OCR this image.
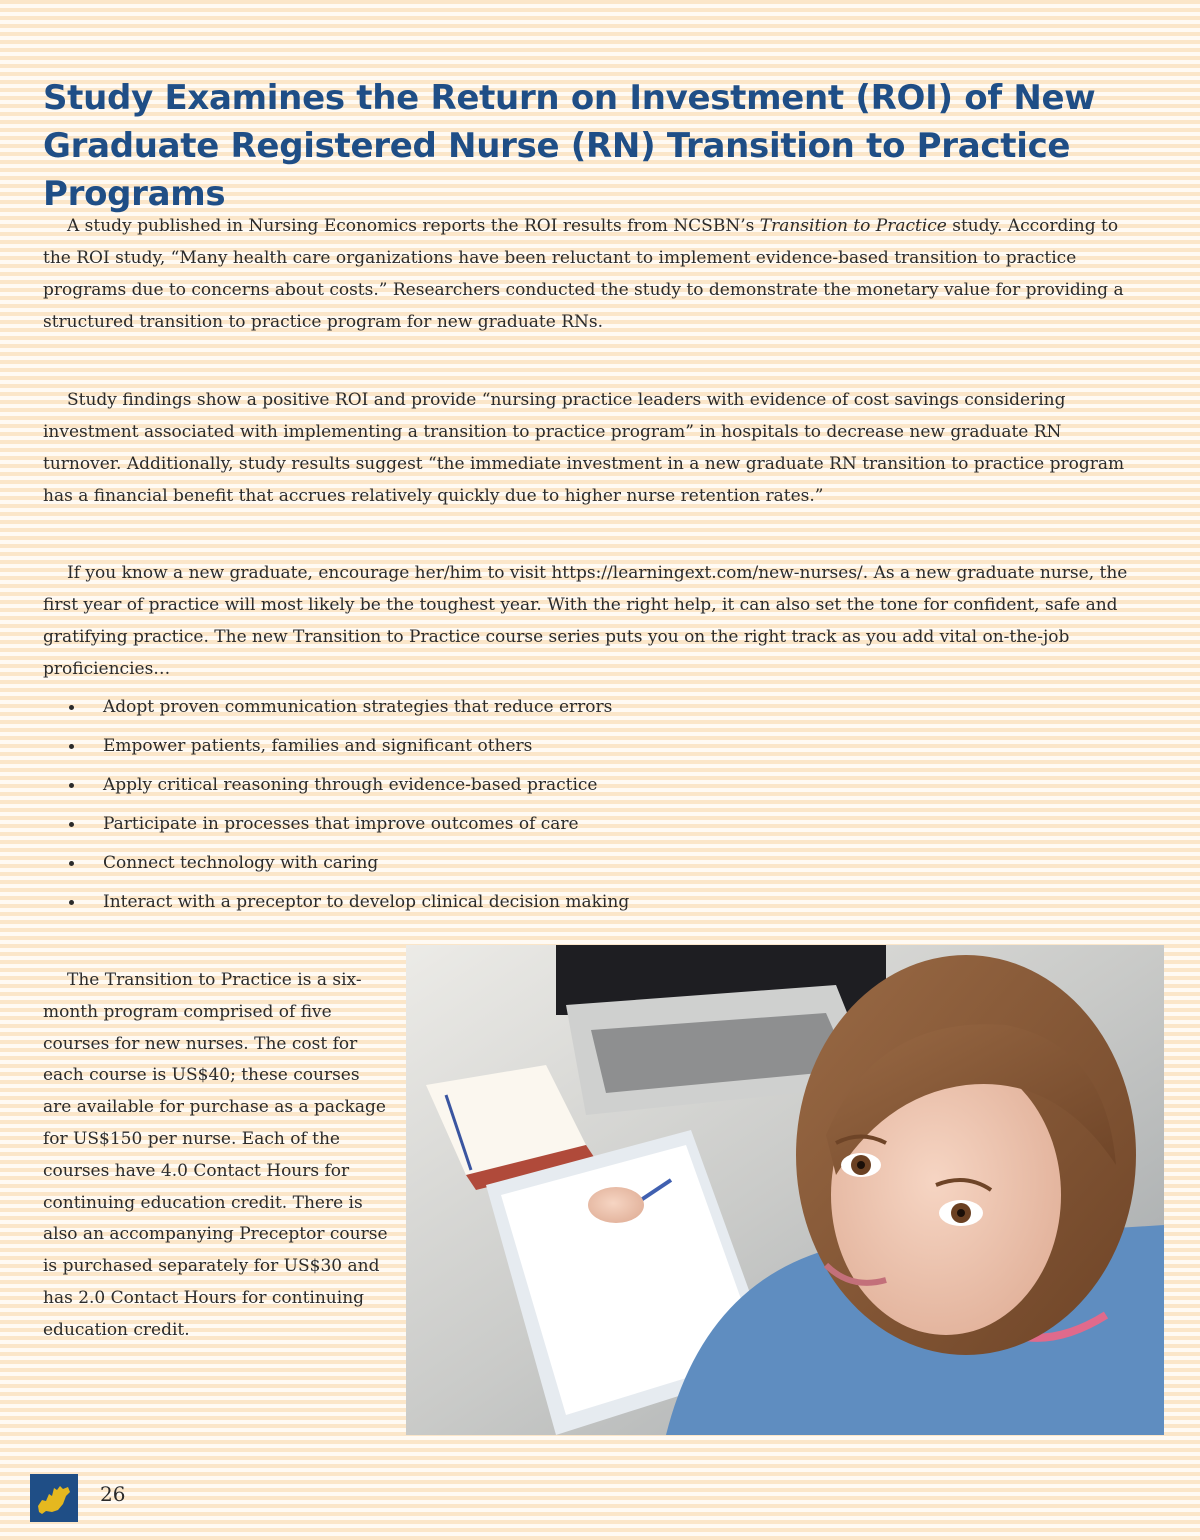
Study Examines the Return on Investment (ROI) of New Graduate Registered Nurse (RN) Transition to Practice Programs

A study published in Nursing Economics reports the ROI results from NCSBN’s Transition to Practice study. According to the ROI study, “Many health care organizations have been reluctant to implement evidence-based transition to practice programs due to concerns about costs.” Researchers conducted the study to demonstrate the monetary value for providing a structured transition to practice program for new graduate RNs.

Study findings show a positive ROI and provide “nursing practice leaders with evidence of cost savings considering investment associated with implementing a transition to practice program” in hospitals to decrease new graduate RN turnover. Additionally, study results suggest “the immediate investment in a new graduate RN transition to practice program has a financial benefit that accrues relatively quickly due to higher nurse retention rates.”

If you know a new graduate, encourage her/him to visit https://learningext.com/new-nurses/. As a new graduate nurse, the first year of practice will most likely be the toughest year. With the right help, it can also set the tone for confident, safe and gratifying practice. The new Transition to Practice course series puts you on the right track as you add vital on-the-job proficiencies…

Adopt proven communication strategies that reduce errors
Empower patients, families and significant others
Apply critical reasoning through evidence-based practice
Participate in processes that improve outcomes of care
Connect technology with caring
Interact with a preceptor to develop clinical decision making

The Transition to Practice is a six-month program comprised of five courses for new nurses. The cost for each course is US$40; these courses are available for purchase as a package for US$150 per nurse. Each of the courses have 4.0 Contact Hours for continuing education credit. There is also an accompanying Preceptor course is purchased separately for US$30 and has 2.0 Contact Hours for continuing education credit.

26
